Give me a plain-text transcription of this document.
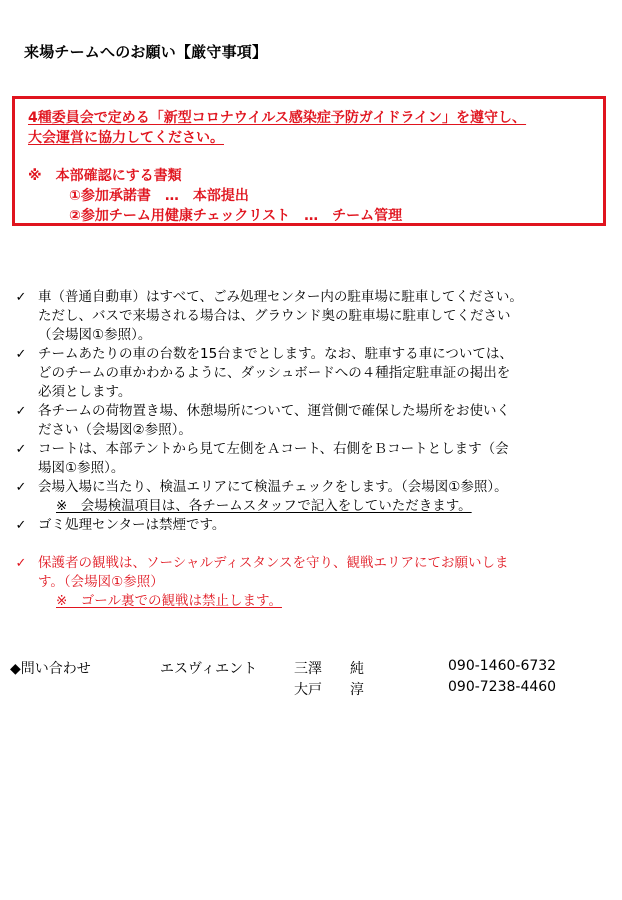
来場チームへのお願い【厳守事項】
4種委員会で定める「新型コロナウイルス感染症予防ガイドライン」を遵守し、
大会運営に協力してください。
※　本部確認にする書類
①参加承諾書　…　本部提出
②参加チーム用健康チェックリスト　…　チーム管理
✓ 車（普通自動車）はすべて、ごみ処理センター内の駐車場に駐車してください。
ただし、バスで来場される場合は、グラウンド奥の駐車場に駐車してください
（会場図①参照）。
✓ チームあたりの車の台数を15台までとします。なお、駐車する車については、
どのチームの車かわかるように、ダッシュボードへの４種指定駐車証の掲出を
必須とします。
✓ 各チームの荷物置き場、休憩場所について、運営側で確保した場所をお使いく
ださい（会場図②参照）。
✓ コートは、本部テントから見て左側をＡコート、右側をＢコートとします（会
場図①参照）。
✓ 会場入場に当たり、検温エリアにて検温チェックをします。（会場図①参照）。
※　会場検温項目は、各チームスタッフで記入をしていただきます。
✓ ゴミ処理センターは禁煙です。
✓ 保護者の観戦は、ソーシャルディスタンスを守り、観戦エリアにてお願いしま
す。（会場図①参照）
※　ゴール裏での観戦は禁止します。
◆問い合わせ	エスヴィエント	三澤　　純	090-1460-6732
大戸　　淳	090-7238-4460
